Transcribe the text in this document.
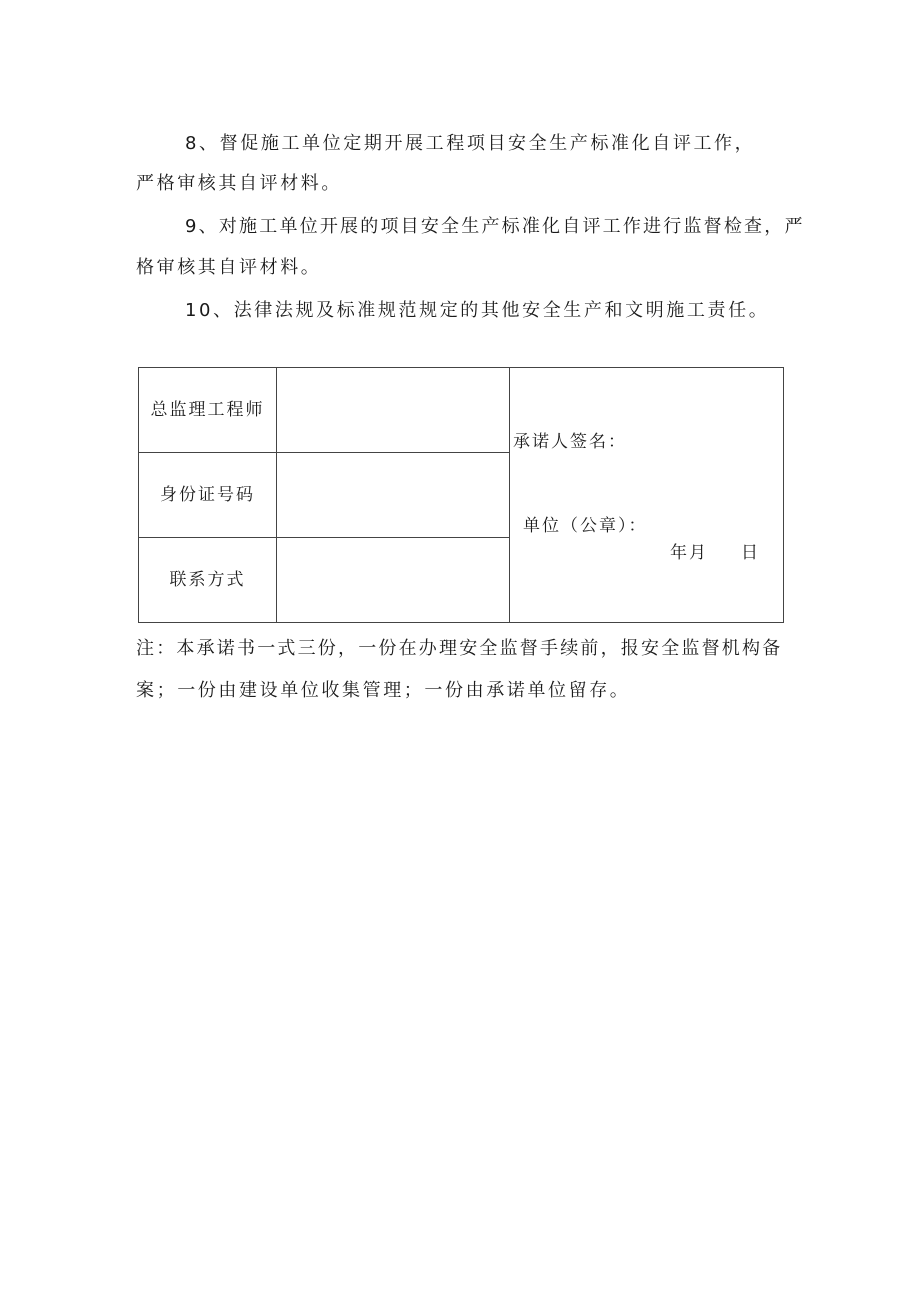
8、督促施工单位定期开展工程项目安全生产标准化自评工作，
严格审核其自评材料。
9、对施工单位开展的项目安全生产标准化自评工作进行监督检查，严
格审核其自评材料。
10、法律法规及标准规范规定的其他安全生产和文明施工责任。
总监理工程师		承诺人签名：
单位（公章）：
年月 日

身份证号码		
联系方式		
注：本承诺书一式三份，一份在办理安全监督手续前，报安全监督机构备
案；一份由建设单位收集管理；一份由承诺单位留存。
